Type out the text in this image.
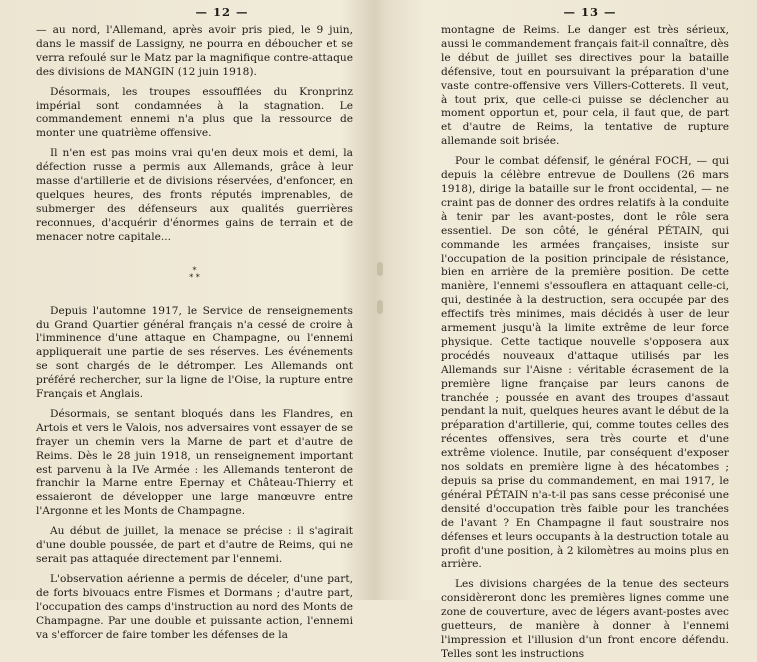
— 12 —

— au nord, l'Allemand, après avoir pris pied, le 9 juin, dans le massif de Lassigny, ne pourra en déboucher et se verra refoulé sur le Matz par la magnifique contre-attaque des divisions de MANGIN (12 juin 1918).

Désormais, les troupes essoufflées du Kronprinz impérial sont condamnées à la stagnation. Le commandement ennemi n'a plus que la ressource de monter une quatrième offensive.

Il n'en est pas moins vrai qu'en deux mois et demi, la défection russe a permis aux Allemands, grâce à leur masse d'artillerie et de divisions réservées, d'enfoncer, en quelques heures, des fronts réputés imprenables, de submerger des défenseurs aux qualités guerrières reconnues, d'acquérir d'énormes gains de terrain et de menacer notre capitale...

*
* *

Depuis l'automne 1917, le Service de renseignements du Grand Quartier général français n'a cessé de croire à l'imminence d'une attaque en Champagne, ou l'ennemi appliquerait une partie de ses réserves. Les événements se sont chargés de le détromper. Les Allemands ont préféré rechercher, sur la ligne de l'Oise, la rupture entre Français et Anglais.

Désormais, se sentant bloqués dans les Flandres, en Artois et vers le Valois, nos adversaires vont essayer de se frayer un chemin vers la Marne de part et d'autre de Reims. Dès le 28 juin 1918, un renseignement important est parvenu à la IVe Armée : les Allemands tenteront de franchir la Marne entre Epernay et Château-Thierry et essaieront de développer une large manœuvre entre l'Argonne et les Monts de Champagne.

Au début de juillet, la menace se précise : il s'agirait d'une double poussée, de part et d'autre de Reims, qui ne serait pas attaquée directement par l'ennemi.

L'observation aérienne a permis de déceler, d'une part, de forts bivouacs entre Fismes et Dormans ; d'autre part, l'occupation des camps d'instruction au nord des Monts de Champagne. Par une double et puissante action, l'ennemi va s'efforcer de faire tomber les défenses de la

— 13 —

montagne de Reims. Le danger est très sérieux, aussi le commandement français fait-il connaître, dès le début de juillet ses directives pour la bataille défensive, tout en poursuivant la préparation d'une vaste contre-offensive vers Villers-Cotterets. Il veut, à tout prix, que celle-ci puisse se déclencher au moment opportun et, pour cela, il faut que, de part et d'autre de Reims, la tentative de rupture allemande soit brisée.

Pour le combat défensif, le général FOCH, — qui depuis la célèbre entrevue de Doullens (26 mars 1918), dirige la bataille sur le front occidental, — ne craint pas de donner des ordres relatifs à la conduite à tenir par les avant-postes, dont le rôle sera essentiel. De son côté, le général PÉTAIN, qui commande les armées françaises, insiste sur l'occupation de la position principale de résistance, bien en arrière de la première position. De cette manière, l'ennemi s'essouflera en attaquant celle-ci, qui, destinée à la destruction, sera occupée par des effectifs très minimes, mais décidés à user de leur armement jusqu'à la limite extrême de leur force physique. Cette tactique nouvelle s'opposera aux procédés nouveaux d'attaque utilisés par les Allemands sur l'Aisne : véritable écrasement de la première ligne française par leurs canons de tranchée ; poussée en avant des troupes d'assaut pendant la nuit, quelques heures avant le début de la préparation d'artillerie, qui, comme toutes celles des récentes offensives, sera très courte et d'une extrême violence. Inutile, par conséquent d'exposer nos soldats en première ligne à des hécatombes ; depuis sa prise du commandement, en mai 1917, le général PÉTAIN n'a-t-il pas sans cesse préconisé une densité d'occupation très faible pour les tranchées de l'avant ? En Champagne il faut soustraire nos défenses et leurs occupants à la destruction totale au profit d'une position, à 2 kilomètres au moins plus en arrière.

Les divisions chargées de la tenue des secteurs considèreront donc les premières lignes comme une zone de couverture, avec de légers avant-postes avec guetteurs, de manière à donner à l'ennemi l'impression et l'illusion d'un front encore défendu. Telles sont les instructions
